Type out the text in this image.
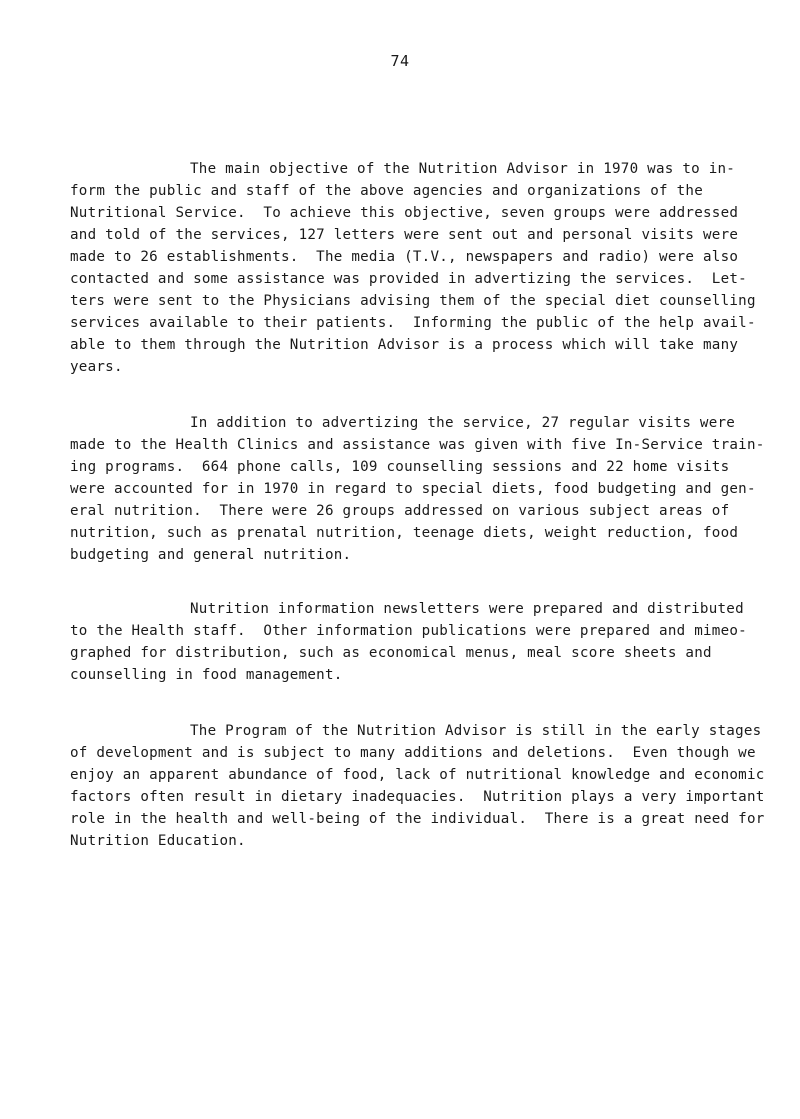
74
The main objective of the Nutrition Advisor in 1970 was to in-
form the public and staff of the above agencies and organizations of the
Nutritional Service.  To achieve this objective, seven groups were addressed
and told of the services, 127 letters were sent out and personal visits were
made to 26 establishments.  The media (T.V., newspapers and radio) were also
contacted and some assistance was provided in advertizing the services.  Let-
ters were sent to the Physicians advising them of the special diet counselling
services available to their patients.  Informing the public of the help avail-
able to them through the Nutrition Advisor is a process which will take many
years.
In addition to advertizing the service, 27 regular visits were
made to the Health Clinics and assistance was given with five In-Service train-
ing programs.  664 phone calls, 109 counselling sessions and 22 home visits
were accounted for in 1970 in regard to special diets, food budgeting and gen-
eral nutrition.  There were 26 groups addressed on various subject areas of
nutrition, such as prenatal nutrition, teenage diets, weight reduction, food
budgeting and general nutrition.
Nutrition information newsletters were prepared and distributed
to the Health staff.  Other information publications were prepared and mimeo-
graphed for distribution, such as economical menus, meal score sheets and
counselling in food management.
The Program of the Nutrition Advisor is still in the early stages
of development and is subject to many additions and deletions.  Even though we
enjoy an apparent abundance of food, lack of nutritional knowledge and economic
factors often result in dietary inadequacies.  Nutrition plays a very important
role in the health and well-being of the individual.  There is a great need for
Nutrition Education.
